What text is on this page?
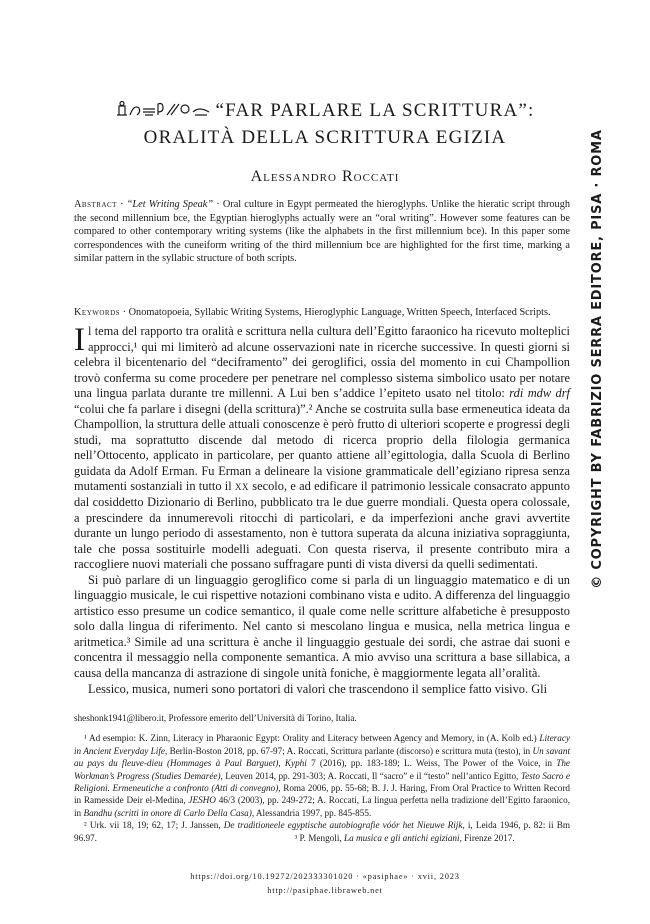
“FAR PARLARE LA SCRITTURA”:
ORALITÀ DELLA SCRITTURA EGIZIA
Alessandro Roccati
Abstract · “Let Writing Speak” · Oral culture in Egypt permeated the hieroglyphs. Unlike the hieratic script through the second millennium bce, the Egyptian hieroglyphs actually were an “oral writing”. However some features can be compared to other contemporary writing systems (like the alphabets in the first millennium bce). In this paper some correspondences with the cuneiform writing of the third millennium bce are highlighted for the first time, marking a similar pattern in the syllabic structure of both scripts.
Keywords · Onomatopoeia, Syllabic Writing Systems, Hieroglyphic Language, Written Speech, Interfaced Scripts.

Il tema del rapporto tra oralità e scrittura nella cultura dell’Egitto faraonico ha ricevuto molteplici approcci,¹ qui mi limiterò ad alcune osservazioni nate in ricerche successive. In questi giorni si celebra il bicentenario del “deciframento” dei geroglifici, ossia del momento in cui Champollion trovò conferma su come procedere per penetrare nel complesso sistema simbolico usato per notare una lingua parlata durante tre millenni. A Lui ben s’addice l’epiteto usato nel titolo: rdi mdw drf “colui che fa parlare i disegni (della scrittura)”.² Anche se costruita sulla base ermeneutica ideata da Champollion, la struttura delle attuali conoscenze è però frutto di ulteriori scoperte e progressi degli studi, ma soprattutto discende dal metodo di ricerca proprio della filologia germanica nell’Ottocento, applicato in particolare, per quanto attiene all’egittologia, dalla Scuola di Berlino guidata da Adolf Erman. Fu Erman a delineare la visione grammaticale dell’egiziano ripresa senza mutamenti sostanziali in tutto il xx secolo, e ad edificare il patrimonio lessicale consacrato appunto dal cosiddetto Dizionario di Berlino, pubblicato tra le due guerre mondiali. Questa opera colossale, a prescindere da innumerevoli ritocchi di particolari, e da imperfezioni anche gravi avvertite durante un lungo periodo di assestamento, non è tuttora superata da alcuna iniziativa sopraggiunta, tale che possa sostituirle modelli adeguati. Con questa riserva, il presente contributo mira a raccogliere nuovi materiali che possano suffragare punti di vista diversi da quelli sedimentati.

Si può parlare di un linguaggio geroglifico come si parla di un linguaggio matematico e di un linguaggio musicale, le cui rispettive notazioni combinano vista e udito. A differenza del linguaggio artistico esso presume un codice semantico, il quale come nelle scritture alfabetiche è presupposto solo dalla lingua di riferimento. Nel canto si mescolano lingua e musica, nella metrica lingua e aritmetica.³ Simile ad una scrittura è anche il linguaggio gestuale dei sordi, che astrae dai suoni e concentra il messaggio nella componente semantica. A mio avviso una scrittura a base sillabica, a causa della mancanza di astrazione di singole unità foniche, è maggiormente legata all’oralità.

Lessico, musica, numeri sono portatori di valori che trascendono il semplice fatto visivo. Gli

sheshonk1941@libero.it, Professore emerito dell’Università di Torino, Italia.

¹ Ad esempio: K. Zinn, Literacy in Pharaonic Egypt: Orality and Literacy between Agency and Memory, in (A. Kolb ed.) Literacy in Ancient Everyday Life, Berlin-Boston 2018, pp. 67-97; A. Roccati, Scrittura parlante (discorso) e scrittura muta (testo), in Un savant au pays du fleuve-dieu (Hommages à Paul Barguet), Kyphi 7 (2016), pp. 183-189; L. Weiss, The Power of the Voice, in The Workman’s Progress (Studies Demarée), Leuven 2014, pp. 291-303; A. Roccati, Il “sacro” e il “testo” nell’antico Egitto, Testo Sacro e Religioni. Ermeneutiche a confronto (Atti di convegno), Roma 2006, pp. 55-68; B. J. J. Haring, From Oral Practice to Written Record in Ramesside Deir el-Medina, JESHO 46/3 (2003), pp. 249-272; A. Roccati, La lingua perfetta nella tradizione dell’Egitto faraonico, in Bandhu (scritti in onore di Carlo Della Casa), Alessandria 1997, pp. 845-855.

² Urk. vii 18, 19; 62, 17; J. Janssen, De traditioneele egyptische autobiografie vóór het Nieuwe Rijk, i, Leida 1946, p. 82: ii Bm 96.97.	³ P. Mengoli, La musica e gli antichi egiziani, Firenze 2017.

https://doi.org/10.19272/202333301020 · «pasiphae» · xvii, 2023
http://pasiphae.libraweb.net
© COPYRIGHT BY FABRIZIO SERRA EDITORE, PISA · ROMA
